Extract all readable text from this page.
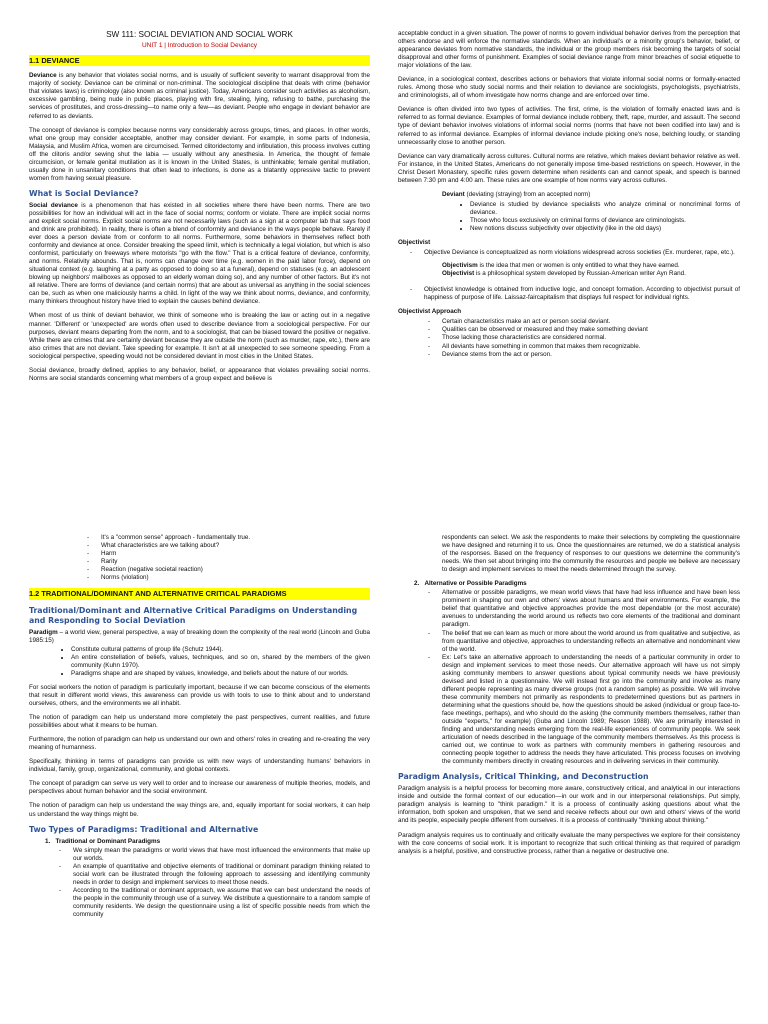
SW 111: SOCIAL DEVIATION AND SOCIAL WORK
UNIT 1 | Introduction to Social Deviancy
1.1 DEVIANCE

Deviance is any behavior that violates social norms, and is usually of sufficient severity to warrant disapproval from the majority of society. Deviance can be criminal or non-criminal. The sociological discipline that deals with crime (behavior that violates laws) is criminology (also known as criminal justice). Today, Americans consider such activities as alcoholism, excessive gambling, being nude in public places, playing with fire, stealing, lying, refusing to bathe, purchasing the services of prostitutes, and cross-dressing—to name only a few—as deviant. People who engage in deviant behavior are referred to as deviants.

The concept of deviance is complex because norms vary considerably across groups, times, and places. In other words, what one group may consider acceptable, another may consider deviant. For example, in some parts of Indonesia, Malaysia, and Muslim Africa, women are circumcised. Termed clitoridectomy and infibulation, this process involves cutting off the clitoris and/or sewing shut the labia — usually without any anesthesia. In America, the thought of female circumcision, or female genital mutilation as it is known in the United States, is unthinkable; female genital mutilation, usually done in unsanitary conditions that often lead to infections, is done as a blatantly oppressive tactic to prevent women from having sexual pleasure.

What is Social Deviance?

Social deviance is a phenomenon that has existed in all societies where there have been norms. There are two possibilities for how an individual will act in the face of social norms; conform or violate. There are implicit social norms and explicit social norms. Explicit social norms are not necessarily laws (such as a sign at a computer lab that says food and drink are prohibited). In reality, there is often a blend of conformity and deviance in the ways people behave. Rarely if ever does a person deviate from or conform to all norms. Furthermore, some behaviors in themselves reflect both conformity and deviance at once. Consider breaking the speed limit, which is technically a legal violation, but which is also conformist, particularly on freeways where motorists "go with the flow." That is a critical feature of deviance, conformity, and norms. Relativity abounds. That is, norms can change over time (e.g. women in the paid labor force), depend on situational context (e.g. laughing at a party as opposed to doing so at a funeral), depend on statuses (e.g. an adolescent blowing up neighbors' mailboxes as opposed to an elderly woman doing so), and any number of other factors. But it's not all relative. There are forms of deviance (and certain norms) that are about as universal as anything in the social sciences can be, such as when one maliciously harms a child. In light of the way we think about norms, deviance, and conformity, many thinkers throughout history have tried to explain the causes behind deviance.

When most of us think of deviant behavior, we think of someone who is breaking the law or acting out in a negative manner. 'Different' or 'unexpected' are words often used to describe deviance from a sociological perspective. For our purposes, deviant means departing from the norm, and to a sociologist, that can be biased toward the positive or negative. While there are crimes that are certainly deviant because they are outside the norm (such as murder, rape, etc.), there are also crimes that are not deviant. Take speeding for example. It isn't at all unexpected to see someone speeding. From a sociological perspective, speeding would not be considered deviant in most cities in the United States.

Social deviance, broadly defined, applies to any behavior, belief, or appearance that violates prevailing social norms. Norms are social standards concerning what members of a group expect and believe is

acceptable conduct in a given situation. The power of norms to govern individual behavior derives from the perception that others endorse and will enforce the normative standards. When an individual's or a minority group's behavior, belief, or appearance deviates from normative standards, the individual or the group members risk becoming the targets of social disapproval and other forms of punishment. Examples of social deviance range from minor breaches of social etiquette to major violations of the law.

Deviance, in a sociological context, describes actions or behaviors that violate informal social norms or formally-enacted rules. Among those who study social norms and their relation to deviance are sociologists, psychologists, psychiatrists, and criminologists, all of whom investigate how norms change and are enforced over time.

Deviance is often divided into two types of activities. The first, crime, is the violation of formally enacted laws and is referred to as formal deviance. Examples of formal deviance include robbery, theft, rape, murder, and assault. The second type of deviant behavior involves violations of informal social norms (norms that have not been codified into law) and is referred to as informal deviance. Examples of informal deviance include picking one's nose, belching loudly, or standing unnecessarily close to another person.

Deviance can vary dramatically across cultures. Cultural norms are relative, which makes deviant behavior relative as well. For instance, in the United States, Americans do not generally impose time-based restrictions on speech. However, in the Christ Desert Monastery, specific rules govern determine when residents can and cannot speak, and speech is banned between 7:30 pm and 4:00 am. These rules are one example of how norms vary across cultures.

Deviant (deviating (straying) from an accepted norm)
• Deviance is studied by deviance specialists who analyze criminal or noncriminal forms of deviance.
• Those who focus exclusively on criminal forms of deviance are criminologists.
• New notions discuss subjectivity over objectivity (like in the old days)
Objectivist
- Objective Deviance is conceptualized as norm violations widespread across societies (Ex. murderer, rape, etc.).
Objectivism is the idea that men or women is only entitled to what they have earned.
Objectivist is a philosophical system developed by Russian-American writer Ayn Rand.
- Objectivist knowledge is obtained from inductive logic, and concept formation. According to objectivist pursuit of happiness of purpose of life. Laissaz-faircapitalism that displays full respect for individual rights.
Objectivist Approach
- Certain characteristics make an act or person social deviant.
- Qualities can be observed or measured and they make something deviant
- Those lacking those characteristics are considered normal.
- All deviants have something in common that makes them recognizable.
- Deviance stems from the act or person.
- It's a "common sense" approach - fundamentally true.
- What characteristics are we talking about?
- Harm
- Rarity
- Reaction (negative societal reaction)
- Norms (violation)
1.2 TRADITIONAL/DOMINANT AND ALTERNATIVE CRITICAL PARADIGMS
Traditional/Dominant and Alternative Critical Paradigms on Understanding and Responding to Social Deviation

Paradigm – a world view, general perspective, a way of breaking down the complexity of the real world (Lincoln and Guba 1985:15)

• Constitute cultural patterns of group life (Schutz 1944).
• An entire constellation of beliefs, values, techniques, and so on, shared by the members of the given community (Kuhn 1970).
• Paradigms shape and are shaped by values, knowledge, and beliefs about the nature of our worlds.

For social workers the notion of paradigm is particularly important, because if we can become conscious of the elements that result in different world views, this awareness can provide us with tools to use to think about and to understand ourselves, others, and the environments we all inhabit.

The notion of paradigm can help us understand more completely the past perspectives, current realities, and future possibilities about what it means to be human.

Furthermore, the notion of paradigm can help us understand our own and others' roles in creating and re-creating the very meaning of humanness.

Specifically, thinking in terms of paradigms can provide us with new ways of understanding humans' behaviors in individual, family, group, organizational, community, and global contexts.

The concept of paradigm can serve us very well to order and to increase our awareness of multiple theories, models, and perspectives about human behavior and the social environment.

The notion of paradigm can help us understand the way things are, and, equally important for social workers, it can help us understand the way things might be.

Two Types of Paradigms: Traditional and Alternative
1.   Traditional or Dominant Paradigms
- We simply mean the paradigms or world views that have most influenced the environments that make up our worlds.
- An example of quantitative and objective elements of traditional or dominant paradigm thinking related to social work can be illustrated through the following approach to assessing and identifying community needs in order to design and implement services to meet those needs.
- According to the traditional or dominant approach, we assume that we can best understand the needs of the people in the community through use of a survey. We distribute a questionnaire to a random sample of community residents. We design the questionnaire using a list of specific possible needs from which the community

respondents can select. We ask the respondents to make their selections by completing the questionnaire we have designed and returning it to us. Once the questionnaires are returned, we do a statistical analysis of the responses. Based on the frequency of responses to our questions we determine the community's needs. We then set about bringing into the community the resources and people we believe are necessary to design and implement services to meet the needs determined through the survey.

2.   Alternative or Possible Paradigms
- Alternative or possible paradigms, we mean world views that have had less influence and have been less prominent in shaping our own and others' views about humans and their environments. For example, the belief that quantitative and objective approaches provide the most dependable (or the most accurate) avenues to understanding the world around us reflects two core elements of the traditional and dominant paradigm.
- The belief that we can learn as much or more about the world around us from qualitative and subjective, as from quantitative and objective, approaches to understanding reflects an alternative and nondominant view of the world.
- Ex: Let's take an alternative approach to understanding the needs of a particular community in order to design and implement services to meet those needs. Our alternative approach will have us not simply asking community members to answer questions about typical community needs we have previously devised and listed in a questionnaire. We will instead first go into the community and involve as many different people representing as many diverse groups (not a random sample) as possible. We will involve these community members not primarily as respondents to predetermined questions but as partners in determining what the questions should be, how the questions should be asked (individual or group face-to-face meetings, perhaps), and who should do the asking (the community members themselves, rather than outside "experts," for example) (Guba and Lincoln 1989; Reason 1988). We are primarily interested in finding and understanding needs emerging from the real-life experiences of community people. We seek articulation of needs described in the language of the community members themselves. As this process is carried out, we continue to work as partners with community members in gathering resources and connecting people together to address the needs they have articulated. This process focuses on involving the community members directly in creating resources and in delivering services in their community.
Paradigm Analysis, Critical Thinking, and Deconstruction

Paradigm analysis is a helpful process for becoming more aware, constructively critical, and analytical in our interactions inside and outside the formal context of our education—in our work and in our interpersonal relationships. Put simply, paradigm analysis is learning to "think paradigm." It is a process of continually asking questions about what the information, both spoken and unspoken, that we send and receive reflects about our own and others' views of the world and its people, especially people different from ourselves. It is a process of continually "thinking about thinking."

Paradigm analysis requires us to continually and critically evaluate the many perspectives we explore for their consistency with the core concerns of social work. It is important to recognize that such critical thinking as that required of paradigm analysis is a helpful, positive, and constructive process, rather than a negative or destructive one.
